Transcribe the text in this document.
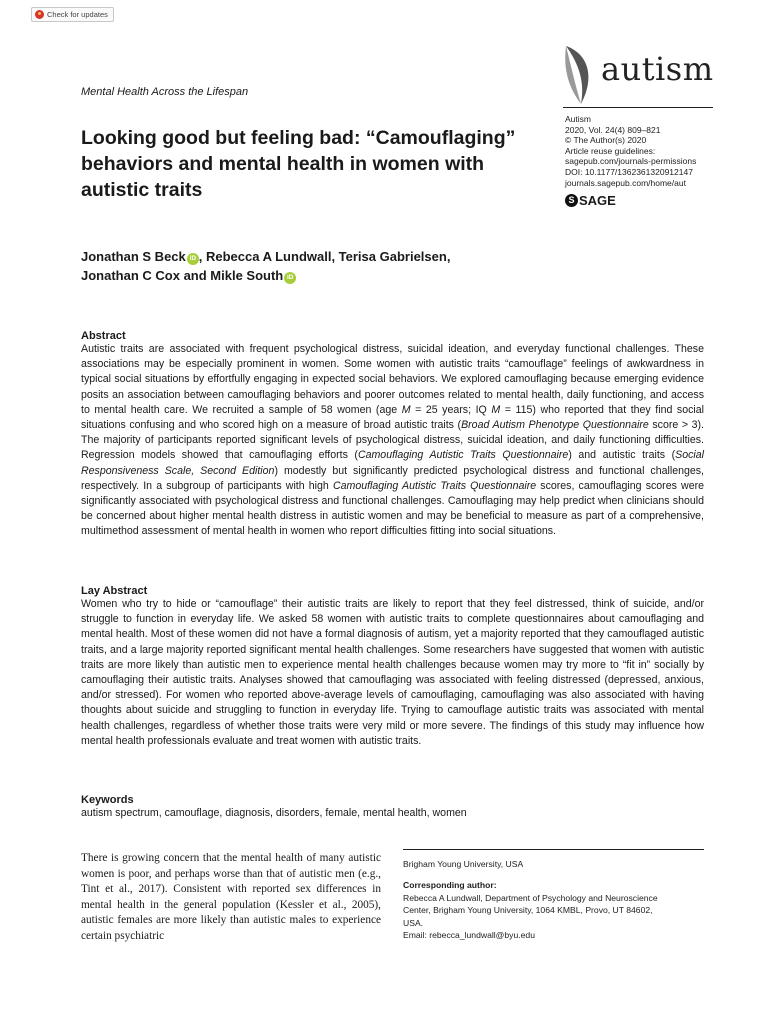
Check for updates
Mental Health Across the Lifespan
autism
Autism
2020, Vol. 24(4) 809–821
© The Author(s) 2020
Article reuse guidelines:
sagepub.com/journals-permissions
DOI: 10.1177/1362361320912147
journals.sagepub.com/home/aut
S SAGE
Looking good but feeling bad: “Camouflaging” behaviors and mental health in women with autistic traits
Jonathan S Beck iD , Rebecca A Lundwall, Terisa Gabrielsen,
Jonathan C Cox and Mikle South iD
Abstract
Autistic traits are associated with frequent psychological distress, suicidal ideation, and everyday functional challenges. These associations may be especially prominent in women. Some women with autistic traits “camouflage” feelings of awkwardness in typical social situations by effortfully engaging in expected social behaviors. We explored camouflaging because emerging evidence posits an association between camouflaging behaviors and poorer outcomes related to mental health, daily functioning, and access to mental health care. We recruited a sample of 58 women (age M = 25 years; IQ M = 115) who reported that they find social situations confusing and who scored high on a measure of broad autistic traits (Broad Autism Phenotype Questionnaire score > 3). The majority of participants reported significant levels of psychological distress, suicidal ideation, and daily functioning difficulties. Regression models showed that camouflaging efforts (Camouflaging Autistic Traits Questionnaire) and autistic traits (Social Responsiveness Scale, Second Edition) modestly but significantly predicted psychological distress and functional challenges, respectively. In a subgroup of participants with high Camouflaging Autistic Traits Questionnaire scores, camouflaging scores were significantly associated with psychological distress and functional challenges. Camouflaging may help predict when clinicians should be concerned about higher mental health distress in autistic women and may be beneficial to measure as part of a comprehensive, multimethod assessment of mental health in women who report difficulties fitting into social situations.
Lay Abstract
Women who try to hide or “camouflage” their autistic traits are likely to report that they feel distressed, think of suicide, and/or struggle to function in everyday life. We asked 58 women with autistic traits to complete questionnaires about camouflaging and mental health. Most of these women did not have a formal diagnosis of autism, yet a majority reported that they camouflaged autistic traits, and a large majority reported significant mental health challenges. Some researchers have suggested that women with autistic traits are more likely than autistic men to experience mental health challenges because women may try more to “fit in” socially by camouflaging their autistic traits. Analyses showed that camouflaging was associated with feeling distressed (depressed, anxious, and/or stressed). For women who reported above-average levels of camouflaging, camouflaging was also associated with having thoughts about suicide and struggling to function in everyday life. Trying to camouflage autistic traits was associated with mental health challenges, regardless of whether those traits were very mild or more severe. The findings of this study may influence how mental health professionals evaluate and treat women with autistic traits.
Keywords
autism spectrum, camouflage, diagnosis, disorders, female, mental health, women
There is growing concern that the mental health of many autistic women is poor, and perhaps worse than that of autistic men (e.g., Tint et al., 2017). Consistent with reported sex differences in mental health in the general population (Kessler et al., 2005), autistic females are more likely than autistic males to experience certain psychiatric
Brigham Young University, USA
Corresponding author:
Rebecca A Lundwall, Department of Psychology and Neuroscience
Center, Brigham Young University, 1064 KMBL, Provo, UT 84602,
USA.
Email: rebecca_lundwall@byu.edu
